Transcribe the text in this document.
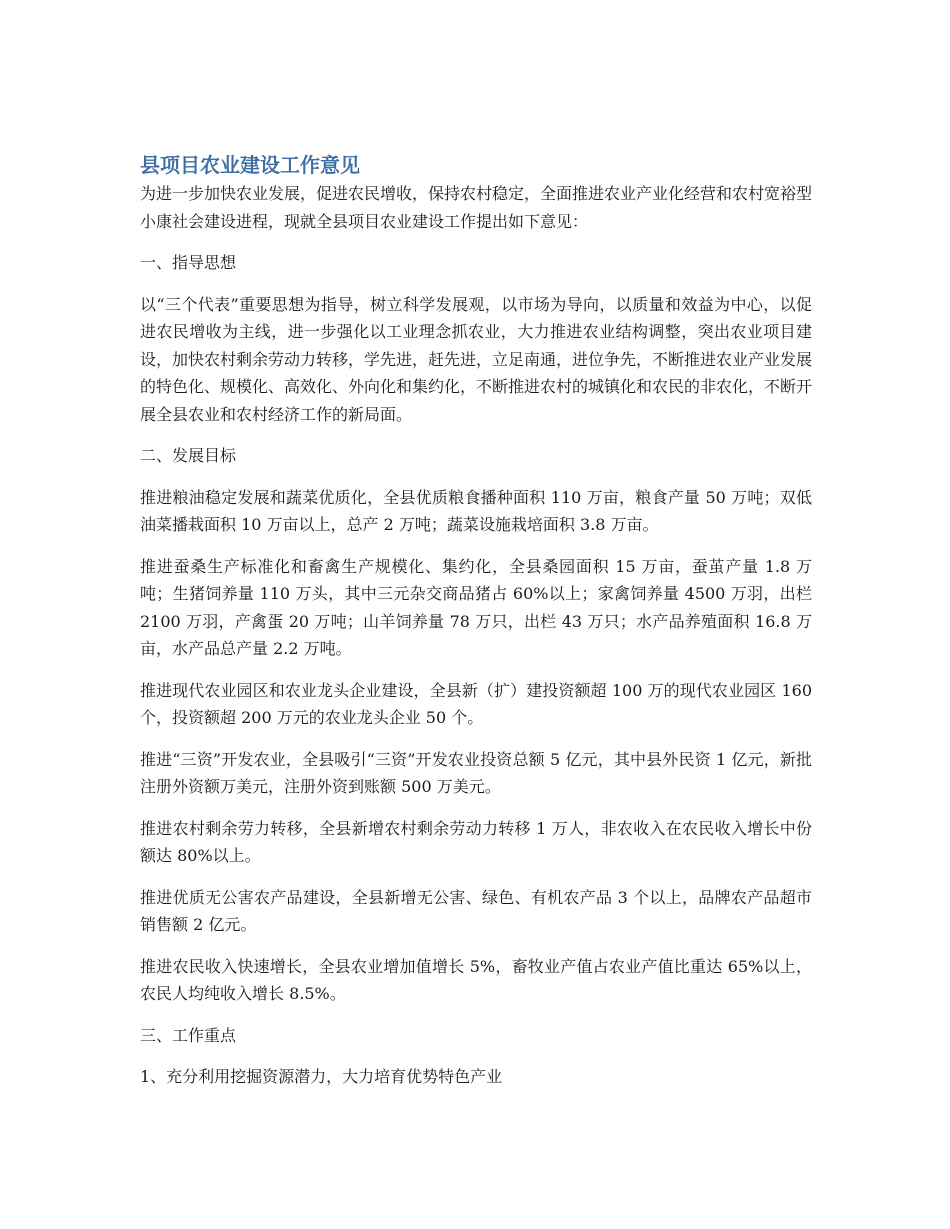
县项目农业建设工作意见

为进一步加快农业发展，促进农民增收，保持农村稳定，全面推进农业产业化经营和农村宽裕型小康社会建设进程，现就全县项目农业建设工作提出如下意见：

一、指导思想

以“三个代表”重要思想为指导，树立科学发展观，以市场为导向，以质量和效益为中心，以促进农民增收为主线，进一步强化以工业理念抓农业，大力推进农业结构调整，突出农业项目建设，加快农村剩余劳动力转移，学先进，赶先进，立足南通，进位争先，不断推进农业产业发展的特色化、规模化、高效化、外向化和集约化，不断推进农村的城镇化和农民的非农化，不断开展全县农业和农村经济工作的新局面。

二、发展目标

推进粮油稳定发展和蔬菜优质化，全县优质粮食播种面积 110 万亩，粮食产量 50 万吨；双低油菜播栽面积 10 万亩以上，总产 2 万吨；蔬菜设施栽培面积 3.8 万亩。

推进蚕桑生产标准化和畜禽生产规模化、集约化，全县桑园面积 15 万亩，蚕茧产量 1.8 万吨；生猪饲养量 110 万头，其中三元杂交商品猪占 60%以上；家禽饲养量 4500 万羽，出栏 2100 万羽，产禽蛋 20 万吨；山羊饲养量 78 万只，出栏 43 万只；水产品养殖面积 16.8 万亩，水产品总产量 2.2 万吨。

推进现代农业园区和农业龙头企业建设，全县新（扩）建投资额超 100 万的现代农业园区 160 个，投资额超 200 万元的农业龙头企业 50 个。

推进“三资”开发农业，全县吸引“三资”开发农业投资总额 5 亿元，其中县外民资 1 亿元，新批注册外资额万美元，注册外资到账额 500 万美元。

推进农村剩余劳力转移，全县新增农村剩余劳动力转移 1 万人，非农收入在农民收入增长中份额达 80%以上。

推进优质无公害农产品建设，全县新增无公害、绿色、有机农产品 3 个以上，品牌农产品超市销售额 2 亿元。

推进农民收入快速增长，全县农业增加值增长 5%，畜牧业产值占农业产值比重达 65%以上，农民人均纯收入增长 8.5%。

三、工作重点

1、充分利用挖掘资源潜力，大力培育优势特色产业
